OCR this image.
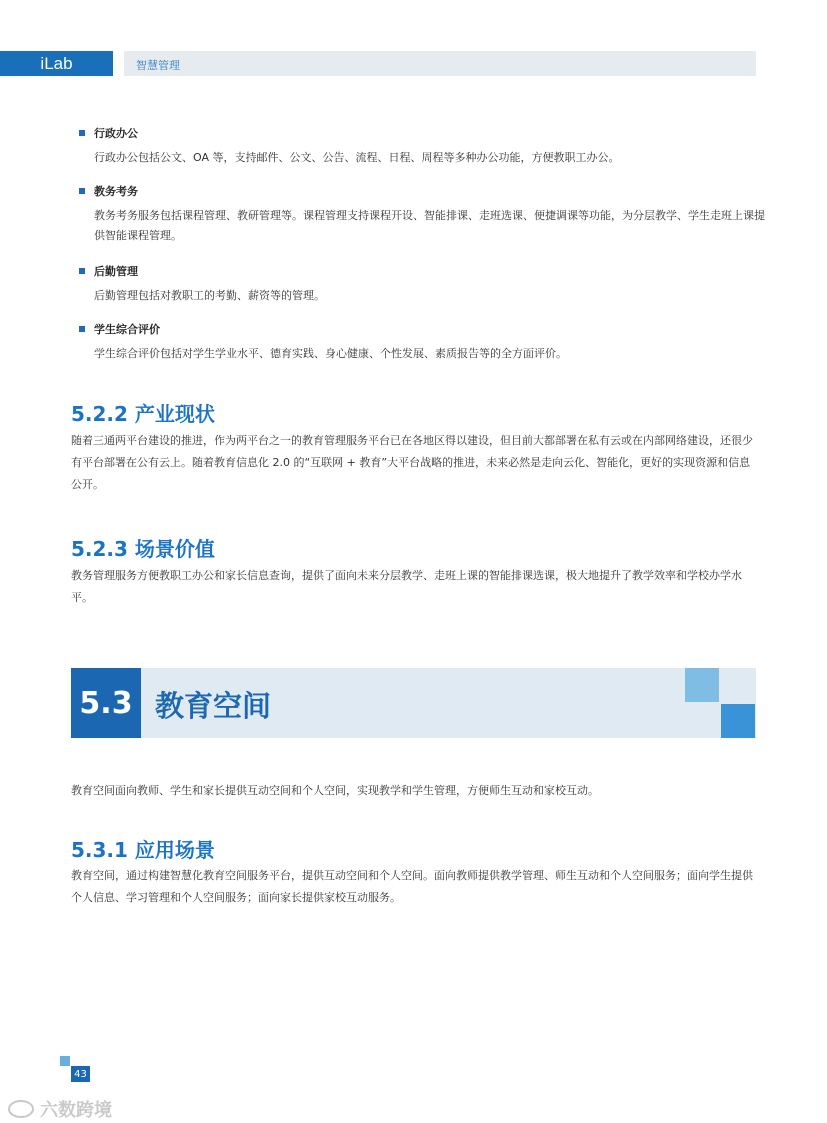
iLab	智慧管理
行政办公
行政办公包括公文、OA 等，支持邮件、公文、公告、流程、日程、周程等多种办公功能，方便教职工办公。
教务考务
教务考务服务包括课程管理、教研管理等。课程管理支持课程开设、智能排课、走班选课、便捷调课等功能，为分层教学、学生走班上课提供智能课程管理。
后勤管理
后勤管理包括对教职工的考勤、薪资等的管理。
学生综合评价
学生综合评价包括对学生学业水平、德育实践、身心健康、个性发展、素质报告等的全方面评价。
5.2.2 产业现状
随着三通两平台建设的推进，作为两平台之一的教育管理服务平台已在各地区得以建设，但目前大都部署在私有云或在内部网络建设，还很少有平台部署在公有云上。随着教育信息化 2.0 的“互联网 + 教育”大平台战略的推进，未来必然是走向云化、智能化，更好的实现资源和信息公开。
5.2.3 场景价值
教务管理服务方便教职工办公和家长信息查询，提供了面向未来分层教学、走班上课的智能排课选课，极大地提升了教学效率和学校办学水平。
5.3 教育空间
教育空间面向教师、学生和家长提供互动空间和个人空间，实现教学和学生管理，方便师生互动和家校互动。
5.3.1 应用场景
教育空间，通过构建智慧化教育空间服务平台，提供互动空间和个人空间。面向教师提供教学管理、师生互动和个人空间服务；面向学生提供个人信息、学习管理和个人空间服务；面向家长提供家校互动服务。
43
六数跨境
